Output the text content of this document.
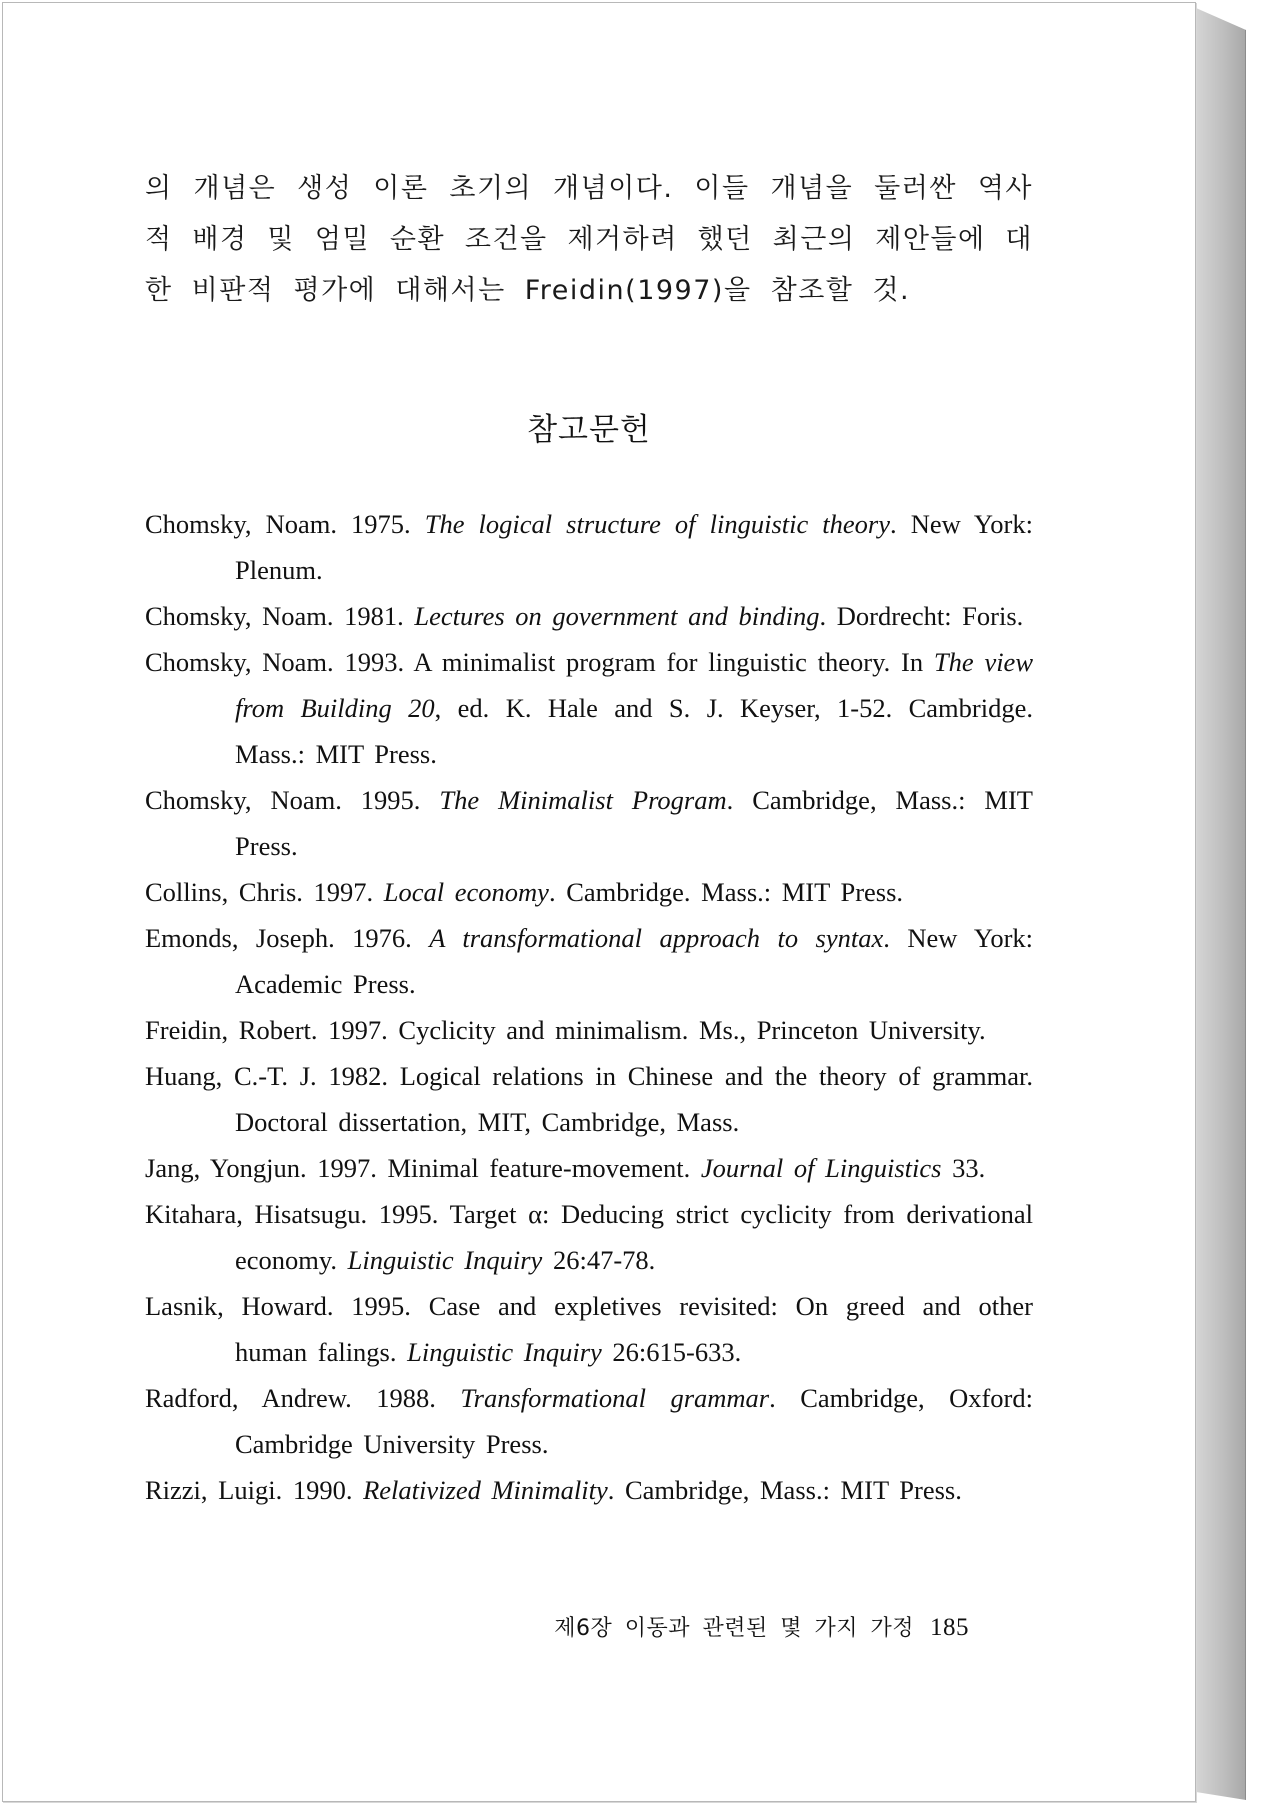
의 개념은 생성 이론 초기의 개념이다. 이들 개념을 둘러싼 역사적 배경 및 엄밀 순환 조건을 제거하려 했던 최근의 제안들에 대한 비판적 평가에 대해서는 Freidin(1997)을 참조할 것.

참고문헌
Chomsky, Noam. 1975. The logical structure of linguistic theory. New York: Plenum.
Chomsky, Noam. 1981. Lectures on government and binding. Dordrecht: Foris.
Chomsky, Noam. 1993. A minimalist program for linguistic theory. In The view from Building 20, ed. K. Hale and S. J. Keyser, 1-52. Cambridge. Mass.: MIT Press.
Chomsky, Noam. 1995. The Minimalist Program. Cambridge, Mass.: MIT Press.
Collins, Chris. 1997. Local economy. Cambridge. Mass.: MIT Press.
Emonds, Joseph. 1976. A transformational approach to syntax. New York: Academic Press.
Freidin, Robert. 1997. Cyclicity and minimalism. Ms., Princeton University.
Huang, C.-T. J. 1982. Logical relations in Chinese and the theory of grammar. Doctoral dissertation, MIT, Cambridge, Mass.
Jang, Yongjun. 1997. Minimal feature-movement. Journal of Linguistics 33.
Kitahara, Hisatsugu. 1995. Target α: Deducing strict cyclicity from derivational economy. Linguistic Inquiry 26:47-78.
Lasnik, Howard. 1995. Case and expletives revisited: On greed and other human falings. Linguistic Inquiry 26:615-633.
Radford, Andrew. 1988. Transformational grammar. Cambridge, Oxford: Cambridge University Press.
Rizzi, Luigi. 1990. Relativized Minimality. Cambridge, Mass.: MIT Press.
제6장 이동과 관련된 몇 가지 가정 185
